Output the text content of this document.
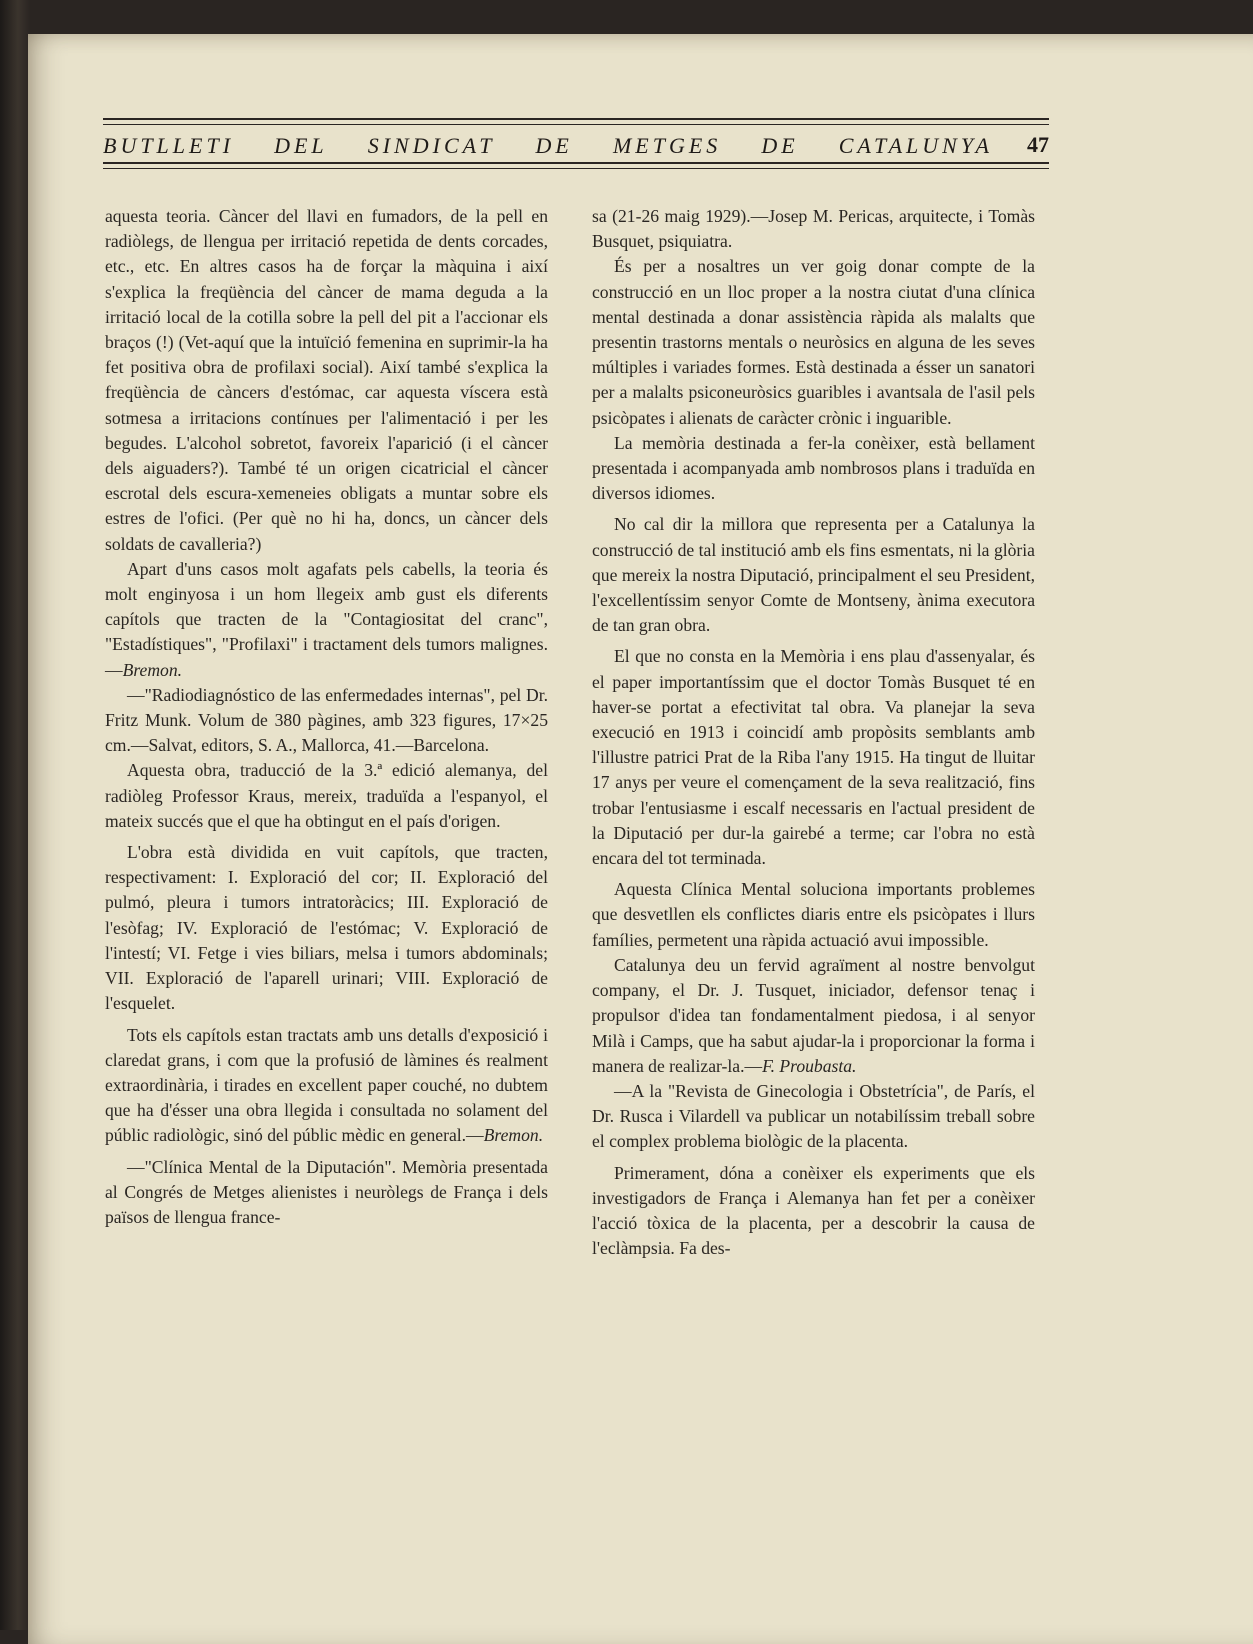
BUTLLETI DEL SINDICAT DE METGES DE CATALUNYA 47

aquesta teoria. Càncer del llavi en fumadors, de la pell en radiòlegs, de llengua per irritació repetida de dents corcades, etc., etc. En altres casos ha de forçar la màquina i així s'explica la freqüència del càncer de mama deguda a la irritació local de la cotilla sobre la pell del pit a l'accionar els braços (!) (Vet-aquí que la intuïció femenina en suprimir-la ha fet positiva obra de profilaxi social). Així també s'explica la freqüència de càncers d'estómac, car aquesta víscera està sotmesa a irritacions contínues per l'alimentació i per les begudes. L'alcohol sobretot, favoreix l'aparició (i el càncer dels aiguaders?). També té un origen cicatricial el càncer escrotal dels escura-xemeneies obligats a muntar sobre els estres de l'ofici. (Per què no hi ha, doncs, un càncer dels soldats de cavalleria?)

Apart d'uns casos molt agafats pels cabells, la teoria és molt enginyosa i un hom llegeix amb gust els diferents capítols que tracten de la "Contagiositat del cranc", "Estadístiques", "Profilaxi" i tractament dels tumors malignes.—Bremon.

—"Radiodiagnóstico de las enfermedades internas", pel Dr. Fritz Munk. Volum de 380 pàgines, amb 323 figures, 17×25 cm.—Salvat, editors, S. A., Mallorca, 41.—Barcelona.

Aquesta obra, traducció de la 3.ª edició alemanya, del radiòleg Professor Kraus, mereix, traduïda a l'espanyol, el mateix succés que el que ha obtingut en el país d'origen.

L'obra està dividida en vuit capítols, que tracten, respectivament: I. Exploració del cor; II. Exploració del pulmó, pleura i tumors intratoràcics; III. Exploració de l'esòfag; IV. Exploració de l'estómac; V. Exploració de l'intestí; VI. Fetge i vies biliars, melsa i tumors abdominals; VII. Exploració de l'aparell urinari; VIII. Exploració de l'esquelet.

Tots els capítols estan tractats amb uns detalls d'exposició i claredat grans, i com que la profusió de làmines és realment extraordinària, i tirades en excellent paper couché, no dubtem que ha d'ésser una obra llegida i consultada no solament del públic radiològic, sinó del públic mèdic en general.—Bremon.

—"Clínica Mental de la Diputación". Memòria presentada al Congrés de Metges alienistes i neuròlegs de França i dels països de llengua france-

sa (21-26 maig 1929).—Josep M. Pericas, arquitecte, i Tomàs Busquet, psiquiatra.

És per a nosaltres un ver goig donar compte de la construcció en un lloc proper a la nostra ciutat d'una clínica mental destinada a donar assistència ràpida als malalts que presentin trastorns mentals o neuròsics en alguna de les seves múltiples i variades formes. Està destinada a ésser un sanatori per a malalts psiconeuròsics guaribles i avantsala de l'asil pels psicòpates i alienats de caràcter crònic i inguarible.

La memòria destinada a fer-la conèixer, està bellament presentada i acompanyada amb nombrosos plans i traduïda en diversos idiomes.

No cal dir la millora que representa per a Catalunya la construcció de tal institució amb els fins esmentats, ni la glòria que mereix la nostra Diputació, principalment el seu President, l'excellentíssim senyor Comte de Montseny, ànima executora de tan gran obra.

El que no consta en la Memòria i ens plau d'assenyalar, és el paper importantíssim que el doctor Tomàs Busquet té en haver-se portat a efectivitat tal obra. Va planejar la seva execució en 1913 i coincidí amb propòsits semblants amb l'illustre patrici Prat de la Riba l'any 1915. Ha tingut de lluitar 17 anys per veure el començament de la seva realització, fins trobar l'entusiasme i escalf necessaris en l'actual president de la Diputació per dur-la gairebé a terme; car l'obra no està encara del tot terminada.

Aquesta Clínica Mental soluciona importants problemes que desvetllen els conflictes diaris entre els psicòpates i llurs famílies, permetent una ràpida actuació avui impossible.

Catalunya deu un fervid agraïment al nostre benvolgut company, el Dr. J. Tusquet, iniciador, defensor tenaç i propulsor d'idea tan fondamentalment piedosa, i al senyor Milà i Camps, que ha sabut ajudar-la i proporcionar la forma i manera de realizar-la.—F. Proubasta.

—A la "Revista de Ginecologia i Obstetrícia", de París, el Dr. Rusca i Vilardell va publicar un notabilíssim treball sobre el complex problema biològic de la placenta.

Primerament, dóna a conèixer els experiments que els investigadors de França i Alemanya han fet per a conèixer l'acció tòxica de la placenta, per a descobrir la causa de l'eclàmpsia. Fa des-
